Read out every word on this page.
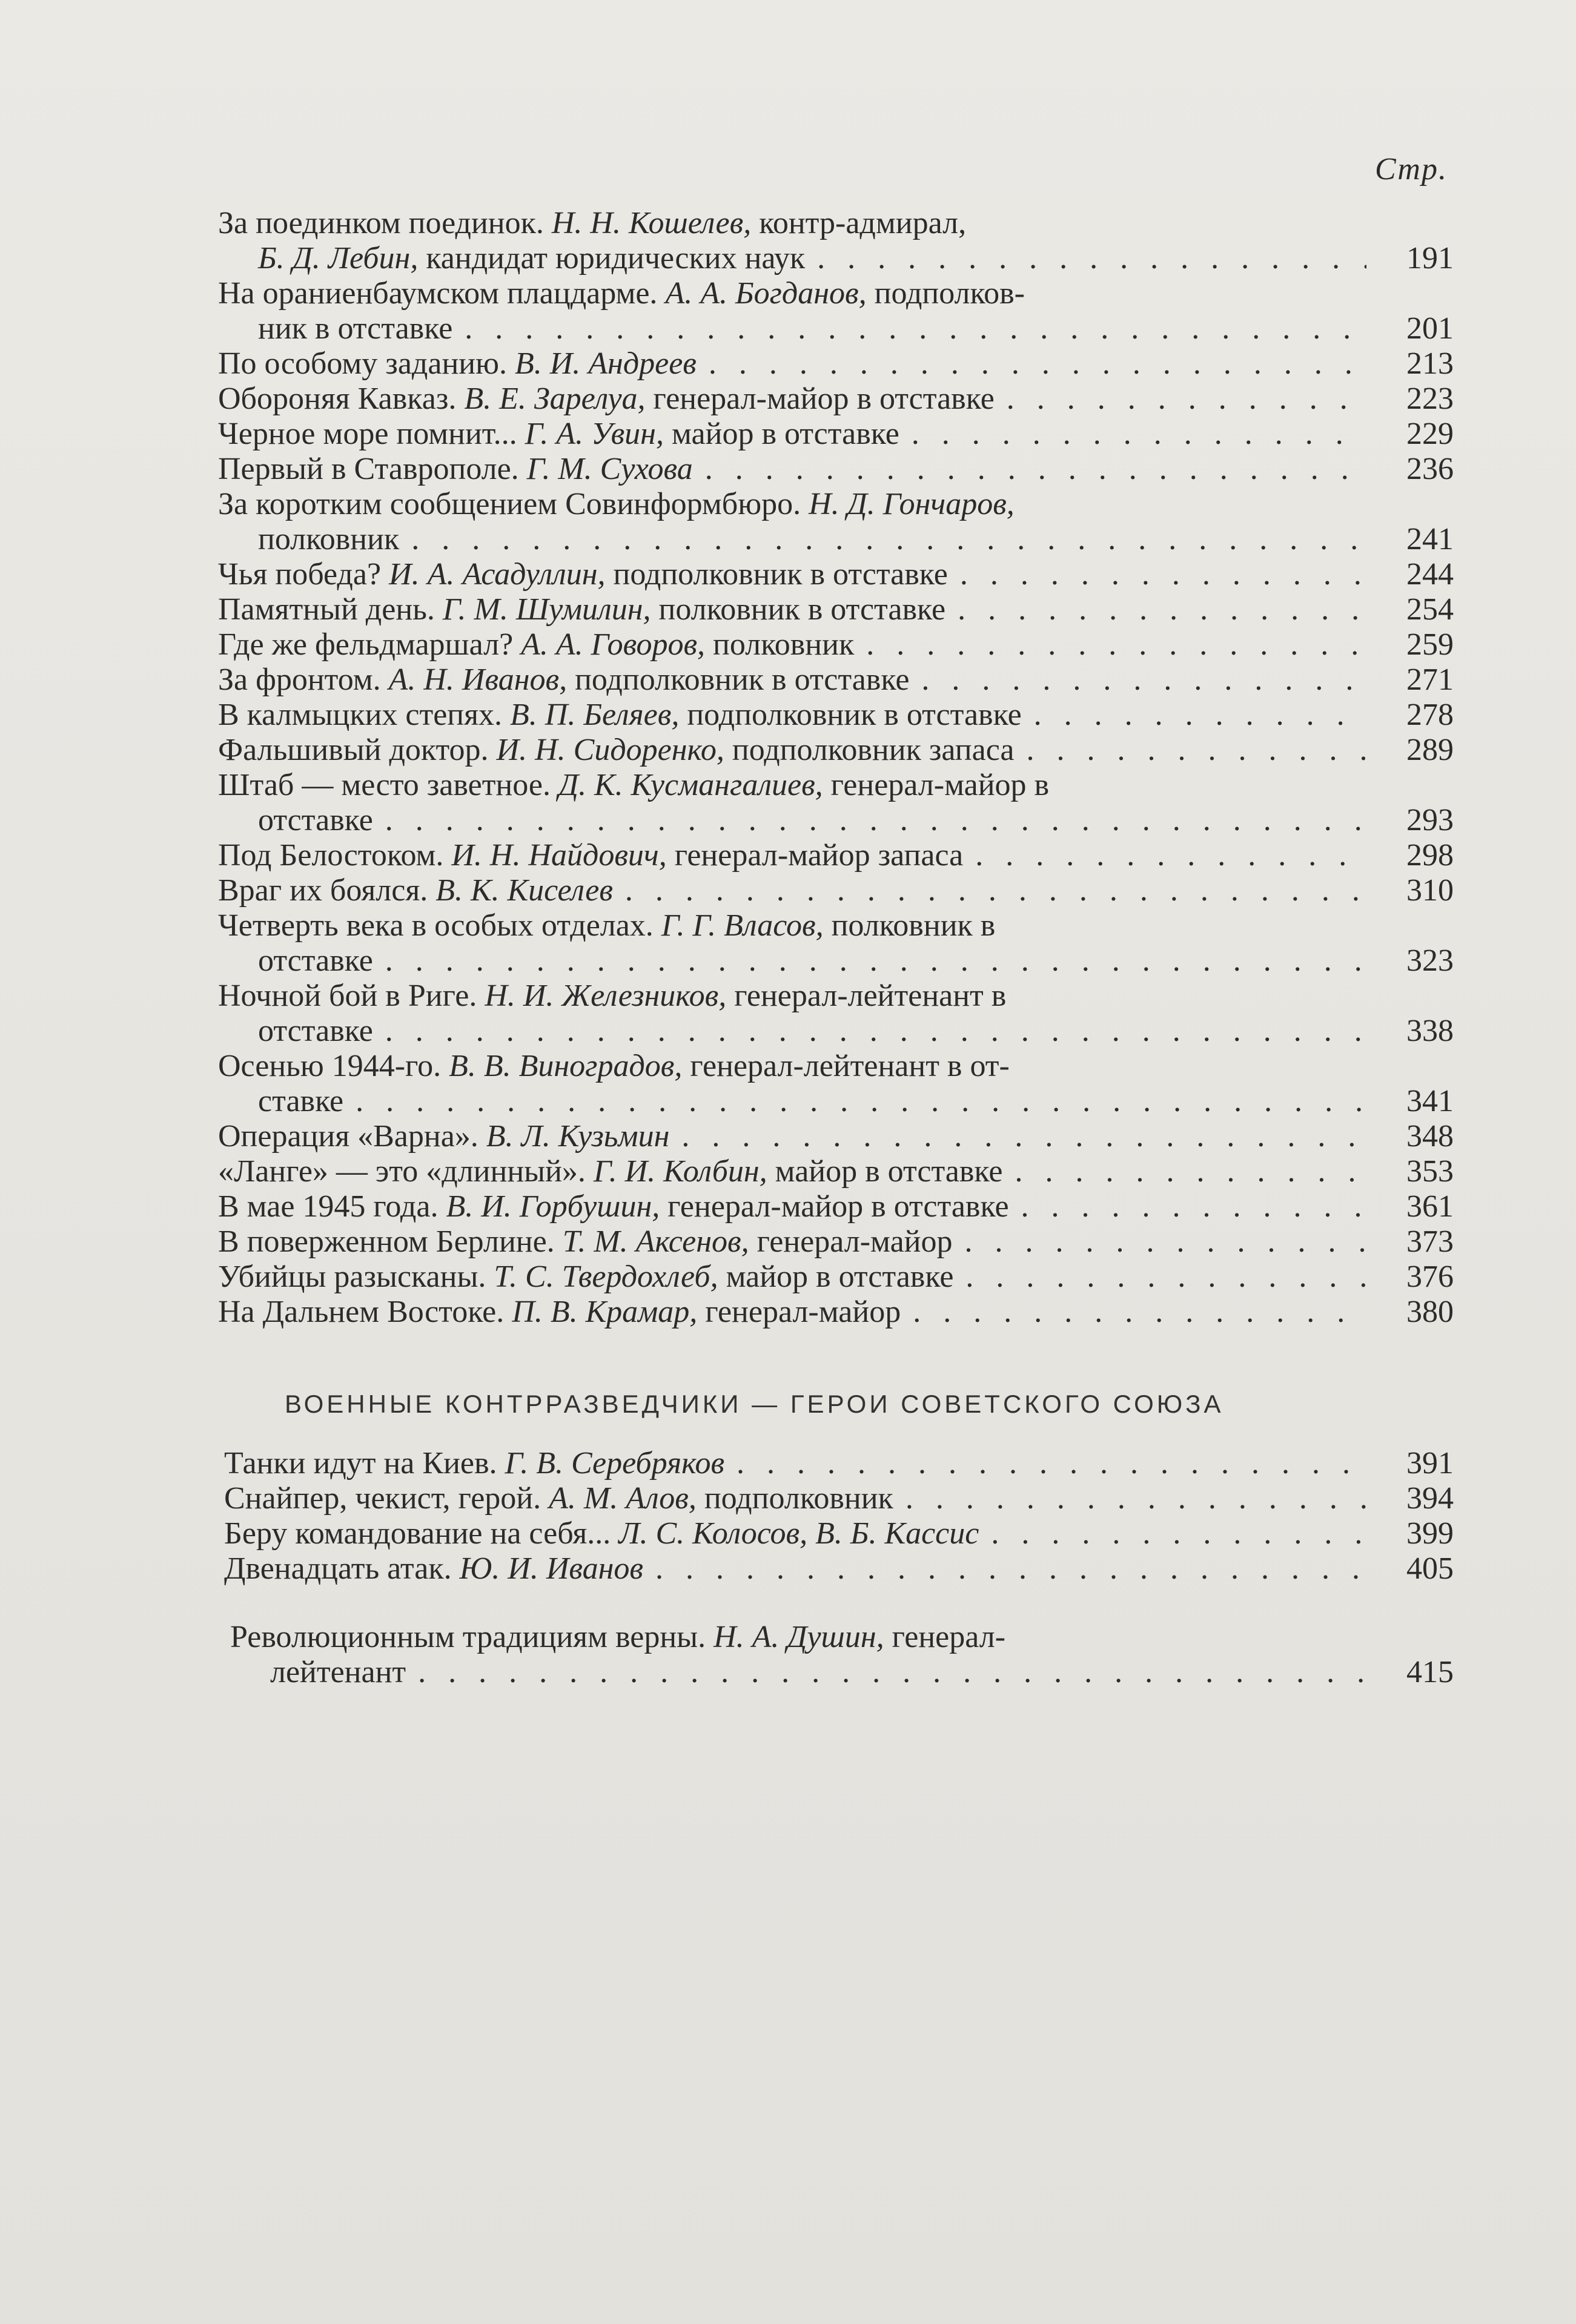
Стр.
За поединком поединок. Н. Н. Кошелев, контр-адмирал,
Б. Д. Лебин, кандидат юридических наук . . .	191
На ораниенбаумском плацдарме. А. А. Богданов, подполков-
ник в отставке . . .	201
По особому заданию. В. И. Андреев . . .	213
Обороняя Кавказ. В. Е. Зарелуа, генерал-майор в отставке . . .	223
Черное море помнит... Г. А. Увин, майор в отставке . . .	229
Первый в Ставрополе. Г. М. Сухова . . .	236
За коротким сообщением Совинформбюро. Н. Д. Гончаров,
полковник . . .	241
Чья победа? И. А. Асадуллин, подполковник в отставке . . .	244
Памятный день. Г. М. Шумилин, полковник в отставке . . .	254
Где же фельдмаршал? А. А. Говоров, полковник . . .	259
За фронтом. А. Н. Иванов, подполковник в отставке . . .	271
В калмыцких степях. В. П. Беляев, подполковник в отставке . . .	278
Фальшивый доктор. И. Н. Сидоренко, подполковник запаса . . .	289
Штаб — место заветное. Д. К. Кусмангалиев, генерал-майор в
отставке . . .	293
Под Белостоком. И. Н. Найдович, генерал-майор запаса . . .	298
Враг их боялся. В. К. Киселев . . .	310
Четверть века в особых отделах. Г. Г. Власов, полковник в
отставке . . .	323
Ночной бой в Риге. Н. И. Железников, генерал-лейтенант в
отставке . . .	338
Осенью 1944-го. В. В. Виноградов, генерал-лейтенант в от-
ставке . . .	341
Операция «Варна». В. Л. Кузьмин . . .	348
«Ланге» — это «длинный». Г. И. Колбин, майор в отставке . . .	353
В мае 1945 года. В. И. Горбушин, генерал-майор в отставке . . .	361
В поверженном Берлине. Т. М. Аксенов, генерал-майор . . .	373
Убийцы разысканы. Т. С. Твердохлеб, майор в отставке . . .	376
На Дальнем Востоке. П. В. Крамар, генерал-майор . . .	380
ВОЕННЫЕ КОНТРРАЗВЕДЧИКИ — ГЕРОИ СОВЕТСКОГО СОЮЗА
Танки идут на Киев. Г. В. Серебряков . . .	391
Снайпер, чекист, герой. А. М. Алов, подполковник . . .	394
Беру командование на себя... Л. С. Колосов, В. Б. Кассис . . .	399
Двенадцать атак. Ю. И. Иванов . . .	405
Революционным традициям верны. Н. А. Душин, генерал-
лейтенант . . .	415
